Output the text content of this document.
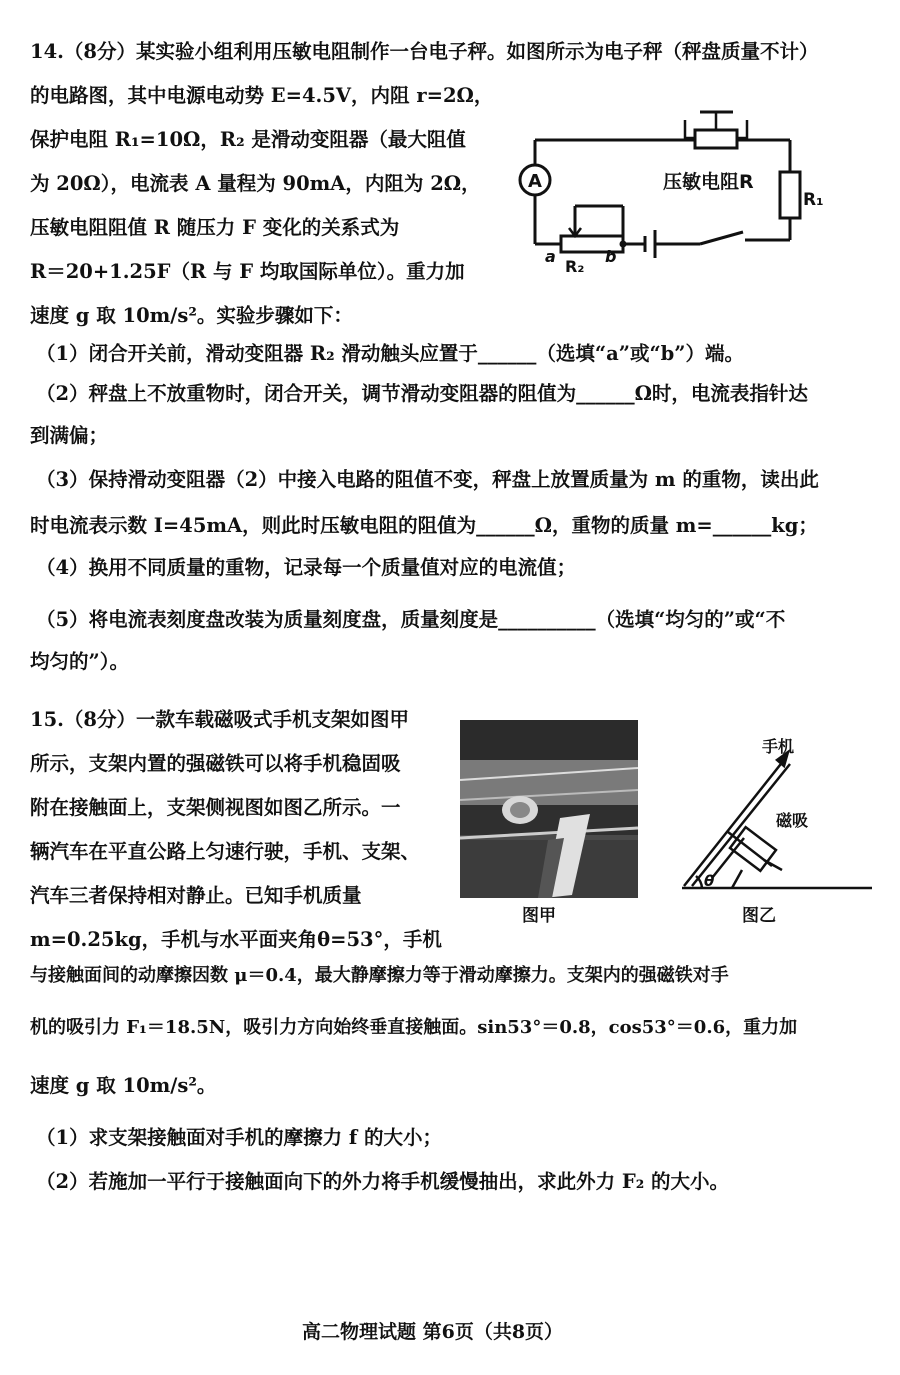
14.（8分）某实验小组利用压敏电阻制作一台电子秤。如图所示为电子秤（秤盘质量不计）
的电路图，其中电源电动势 E=4.5V，内阻 r=2Ω，
保护电阻 R₁=10Ω，R₂ 是滑动变阻器（最大阻值
为 20Ω），电流表 A 量程为 90mA，内阻为 2Ω，
压敏电阻阻值 R 随压力 F 变化的关系式为
R＝20+1.25F（R 与 F 均取国际单位）。重力加
速度 g 取 10m/s²。实验步骤如下：
（1）闭合开关前，滑动变阻器 R₂ 滑动触头应置于______（选填“a”或“b”）端。
（2）秤盘上不放重物时，闭合开关，调节滑动变阻器的阻值为______Ω时，电流表指针达
到满偏；
（3）保持滑动变阻器（2）中接入电路的阻值不变，秤盘上放置质量为 m 的重物，读出此
时电流表示数 I=45mA，则此时压敏电阻的阻值为______Ω，重物的质量 m=______kg；
（4）换用不同质量的重物，记录每一个质量值对应的电流值；
（5）将电流表刻度盘改装为质量刻度盘，质量刻度是__________（选填“均匀的”或“不
均匀的”）。
A	压敏电阻R
R₁
R₂
a	b
15.（8分）一款车载磁吸式手机支架如图甲
所示，支架内置的强磁铁可以将手机稳固吸
附在接触面上，支架侧视图如图乙所示。一
辆汽车在平直公路上匀速行驶，手机、支架、
汽车三者保持相对静止。已知手机质量
m=0.25kg，手机与水平面夹角θ=53°，手机
与接触面间的动摩擦因数 μ＝0.4，最大静摩擦力等于滑动摩擦力。支架内的强磁铁对手
机的吸引力 F₁＝18.5N，吸引力方向始终垂直接触面。sin53°＝0.8，cos53°＝0.6，重力加
速度 g 取 10m/s²。
（1）求支架接触面对手机的摩擦力 f 的大小；
（2）若施加一平行于接触面向下的外力将手机缓慢抽出，求此外力 F₂ 的大小。
图甲
手机
磁吸
θ
图乙
高二物理试题 第6页（共8页）
